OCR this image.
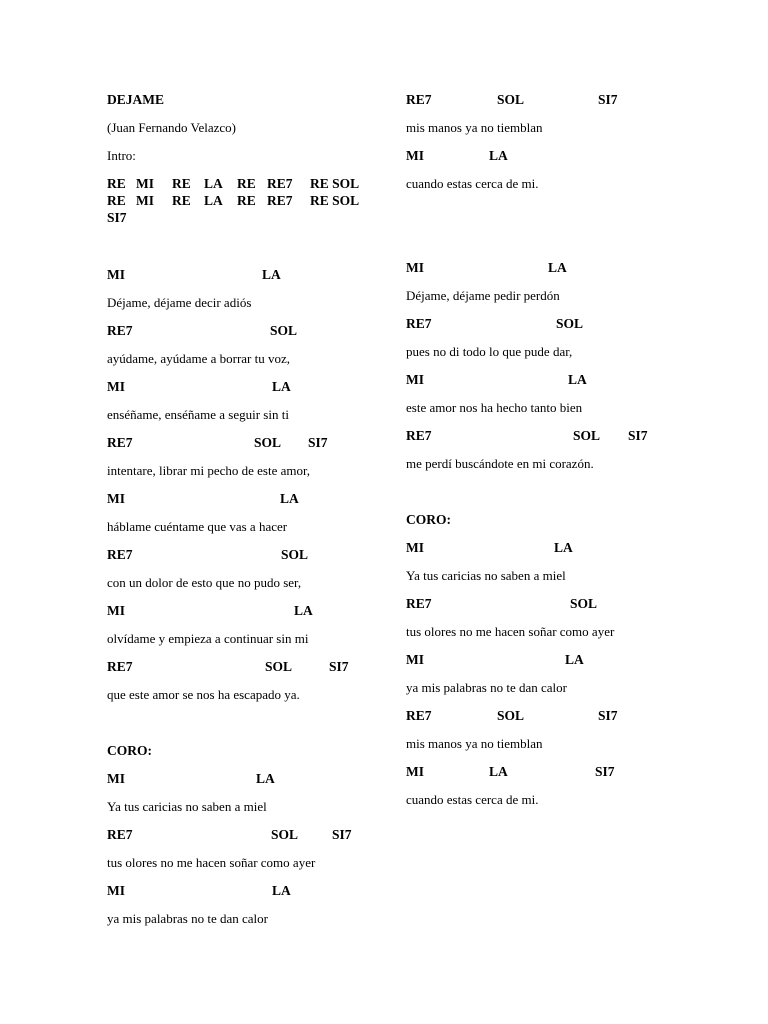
DEJAME
(Juan Fernando Velazco)
Intro:
RE MI RE LA RE RE7 RE SOL
RE MI RE LA RE RE7 RE SOL
SI7
MI	LA
Déjame, déjame decir adiós
RE7	SOL
ayúdame, ayúdame a borrar tu voz,
MI	LA
enséñame, enséñame a seguir sin ti
RE7	SOL SI7
intentare, librar mi pecho de este amor,
MI	LA
háblame cuéntame que vas a hacer
RE7	SOL
con un dolor de esto que no pudo ser,
MI	LA
olvídame y empieza a continuar sin mi
RE7	SOL	SI7
que este amor se nos ha escapado ya.
CORO:
MI	LA
Ya tus caricias no saben a miel
RE7	SOL	SI7
tus olores no me hacen soñar como ayer
MI	LA
ya mis palabras no te dan calor
RE7	SOL	SI7
mis manos ya no tiemblan
MI	LA
cuando estas cerca de mi.
MI	LA
Déjame, déjame pedir perdón
RE7	SOL
pues no di todo lo que pude dar,
MI	LA
este amor nos ha hecho tanto bien
RE7	SOL SI7
me perdí buscándote en mi corazón.
CORO:
MI	LA
Ya tus caricias no saben a miel
RE7	SOL
tus olores no me hacen soñar como ayer
MI	LA
ya mis palabras no te dan calor
RE7	SOL	SI7
mis manos ya no tiemblan
MI	LA	SI7
cuando estas cerca de mi.
